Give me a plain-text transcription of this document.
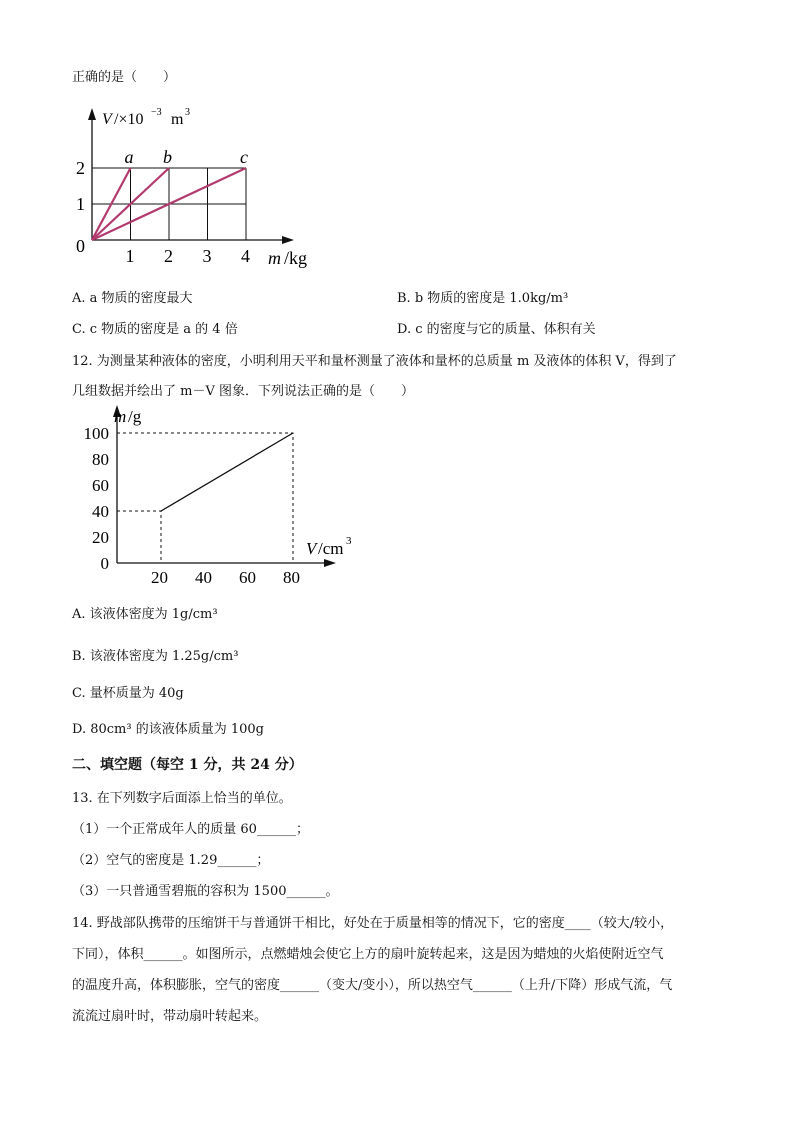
正确的是（　　）
1 2 3 4
1
2
0
a b	c
V /×10 −3 m 3
m /kg
A. a 物质的密度最大	B. b 物质的密度是 1.0kg/m³
C. c 物质的密度是 a 的 4 倍	D. c 的密度与它的质量、体积有关
12. 为测量某种液体的密度，小明利用天平和量杯测量了液体和量杯的总质量 m 及液体的体积 V，得到了
几组数据并绘出了 m－V 图象．下列说法正确的是（　　）
20 40 60 80
20
40
60
80
100
0
m /g
V /cm 3
A. 该液体密度为 1g/cm³
B. 该液体密度为 1.25g/cm³
C. 量杯质量为 40g
D. 80cm³ 的该液体质量为 100g
二、填空题（每空 1 分，共 24 分）
13. 在下列数字后面添上恰当的单位。
（1）一个正常成年人的质量 60______；
（2）空气的密度是 1.29______；
（3）一只普通雪碧瓶的容积为 1500______。
14. 野战部队携带的压缩饼干与普通饼干相比，好处在于质量相等的情况下，它的密度____（较大/较小，
下同），体积______。如图所示，点燃蜡烛会使它上方的扇叶旋转起来，这是因为蜡烛的火焰使附近空气
的温度升高，体积膨胀，空气的密度______（变大/变小），所以热空气______（上升/下降）形成气流，气
流流过扇叶时，带动扇叶转起来。
